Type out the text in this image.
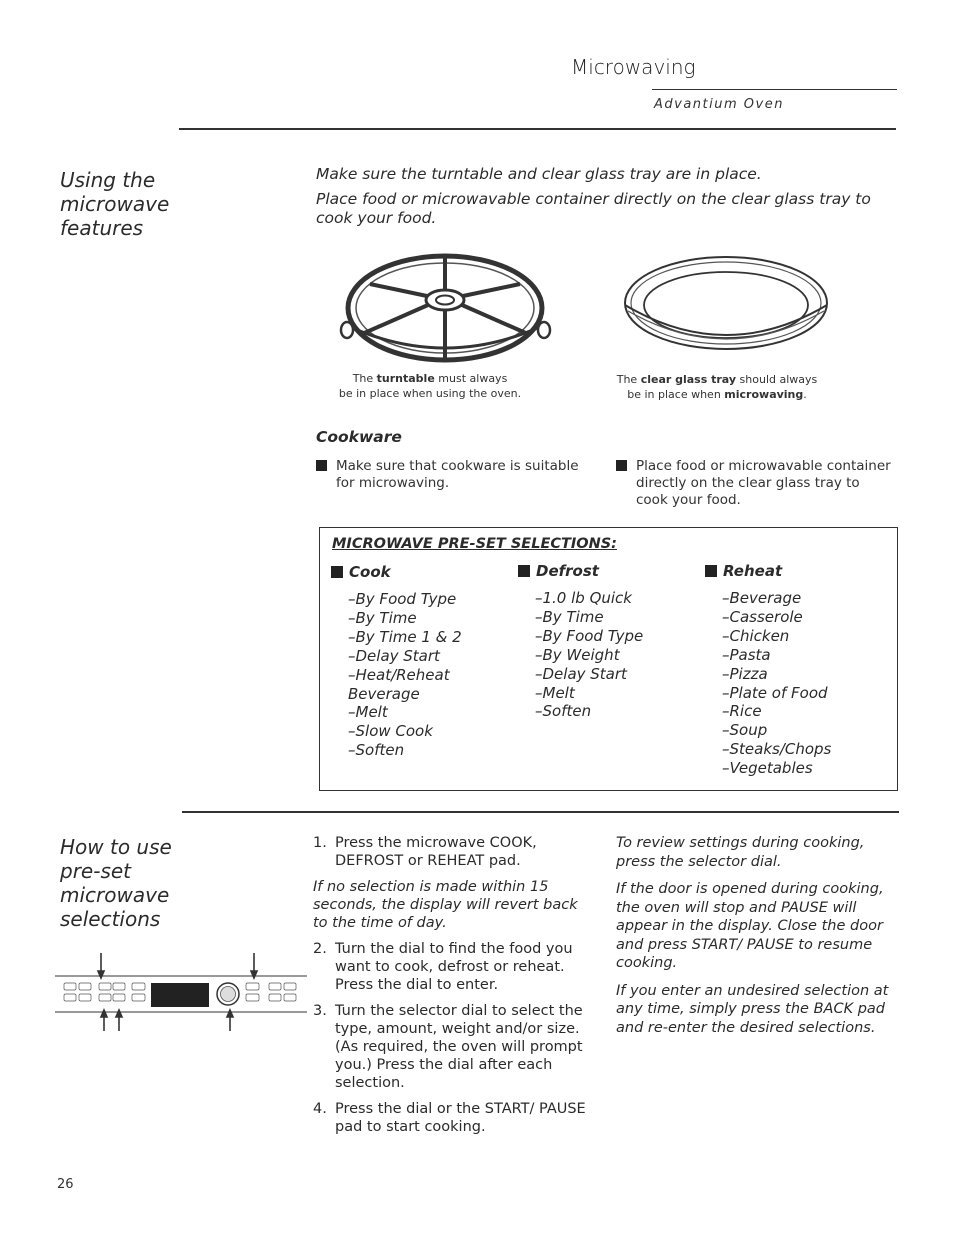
Microwaving
Advantium Oven
Using the microwave features

Make sure the turntable and clear glass tray are in place.

Place food or microwavable container directly on the clear glass tray to cook your food.

The turntable must always
be in place when using the oven.
The clear glass tray should always
be in place when microwaving.
Cookware
Make sure that cookware is suitable for microwaving.
Place food or microwavable container directly on the clear glass tray to cook your food.
MICROWAVE PRE-SET SELECTIONS:
Cook
–By Food Type
–By Time
–By Time 1 & 2
–Delay Start
–Heat/Reheat Beverage
–Melt
–Slow Cook
–Soften
Defrost
–1.0 lb Quick
–By Time
–By Food Type
–By Weight
–Delay Start
–Melt
–Soften
Reheat
–Beverage
–Casserole
–Chicken
–Pasta
–Pizza
–Plate of Food
–Rice
–Soup
–Steaks/Chops
–Vegetables
How to use pre-set microwave selections
1. Press the microwave COOK, DEFROST or REHEAT pad.

If no selection is made within 15 seconds, the display will revert back to the time of day.

2. Turn the dial to find the food you want to cook, defrost or reheat. Press the dial to enter.
3. Turn the selector dial to select the type, amount, weight and/or size. (As required, the oven will prompt you.) Press the dial after each selection.
4. Press the dial or the START/ PAUSE pad to start cooking.

To review settings during cooking, press the selector dial.

If the door is opened during cooking, the oven will stop and PAUSE will appear in the display. Close the door and press START/ PAUSE to resume cooking.

If you enter an undesired selection at any time, simply press the BACK pad and re-enter the desired selections.

26
